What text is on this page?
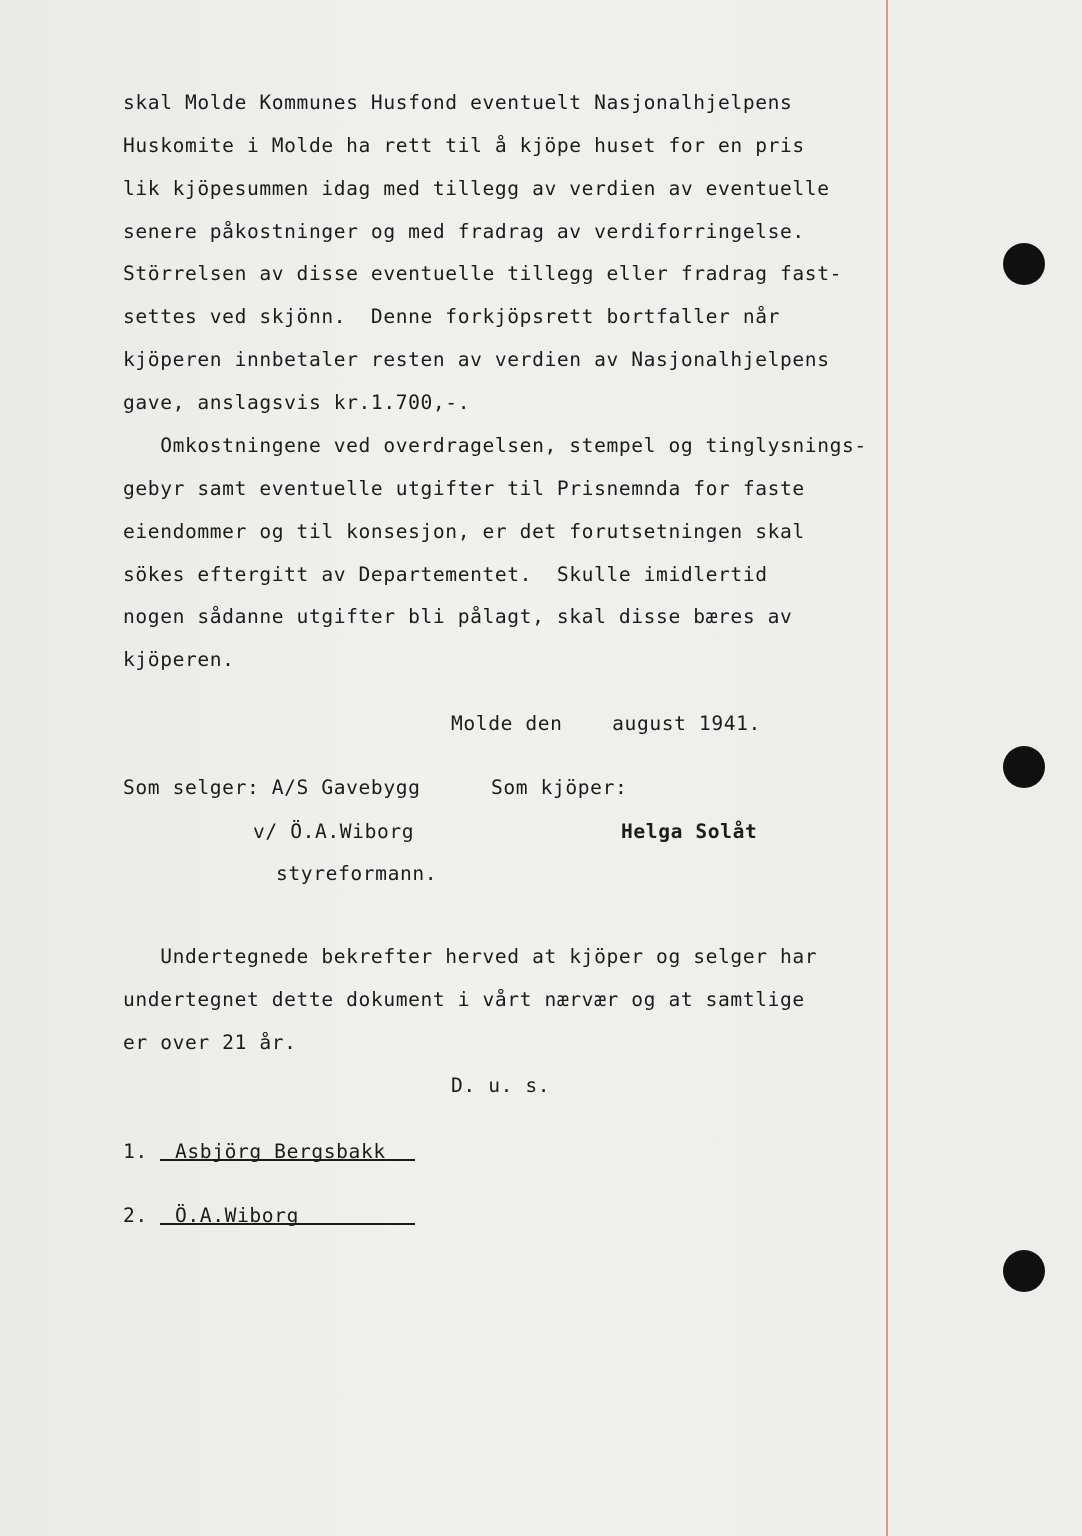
skal Molde Kommunes Husfond eventuelt Nasjonalhjelpens
Huskomite i Molde ha rett til å kjöpe huset for en pris
lik kjöpesummen idag med tillegg av verdien av eventuelle
senere påkostninger og med fradrag av verdiforringelse.
Störrelsen av disse eventuelle tillegg eller fradrag fast-
settes ved skjönn.  Denne forkjöpsrett bortfaller når
kjöperen innbetaler resten av verdien av Nasjonalhjelpens
gave, anslagsvis kr.1.700,-.
Omkostningene ved overdragelsen, stempel og tinglysnings-
gebyr samt eventuelle utgifter til Prisnemnda for faste
eiendommer og til konsesjon, er det forutsetningen skal
sökes eftergitt av Departementet.  Skulle imidlertid
nogen sådanne utgifter bli pålagt, skal disse bæres av
kjöperen.
Molde den    august 1941.
Som selger: A/S Gavebygg	Som kjöper:
v/ Ö.A.Wiborg	Helga Solåt
styreformann.
Undertegnede bekrefter herved at kjöper og selger har
undertegnet dette dokument i vårt nærvær og at samtlige
er over 21 år.
D. u. s.
1. Asbjörg Bergsbakk
2. Ö.A.Wiborg
